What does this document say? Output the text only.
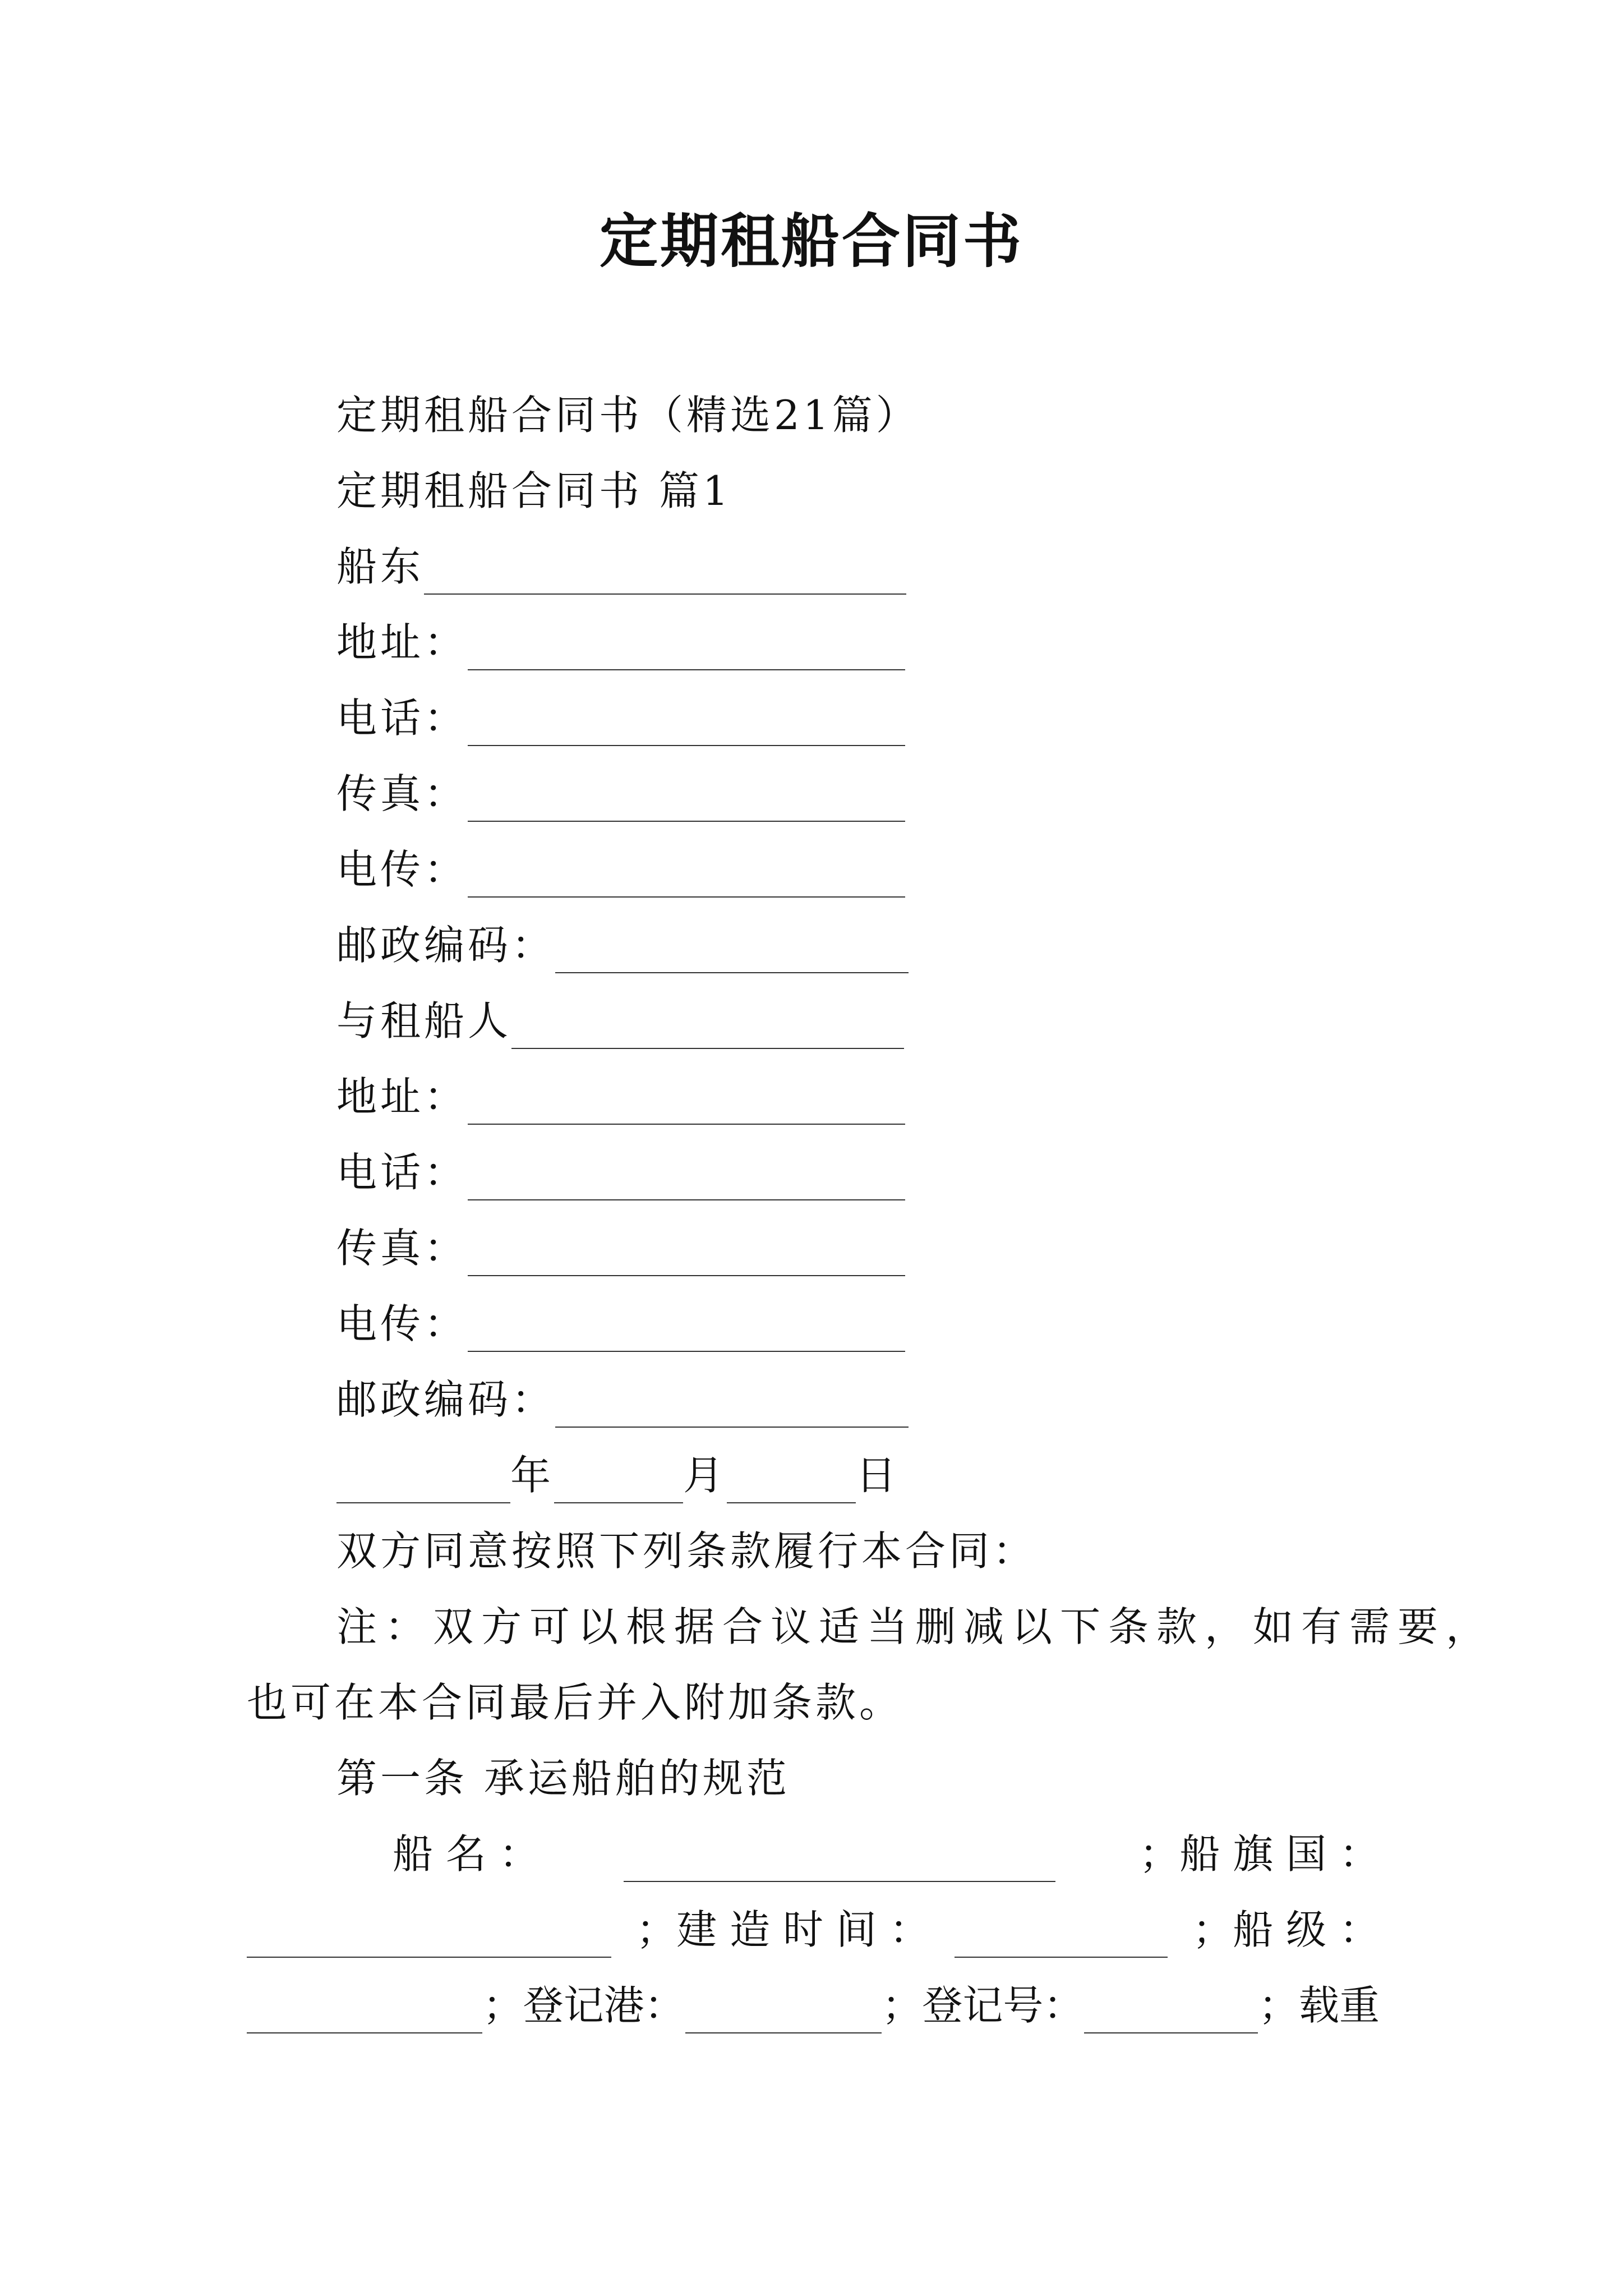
定期租船合同书
定期租船合同书（精选21篇）
定期租船合同书 篇1
船东
地址：
电话：
传真：
电传：
邮政编码：
与租船人
地址：
电话：
传真：
电传：
邮政编码：
年	月	日
双方同意按照下列条款履行本合同：
注：双方可以根据合议适当删减以下条款，如有需要，
也可在本合同最后并入附加条款。
第一条 承运船舶的规范
船 名 ：	；船 旗 国 ：
；建 造 时 间 ：	；船 级 ：
；登记港：	；登记号：	；载重
